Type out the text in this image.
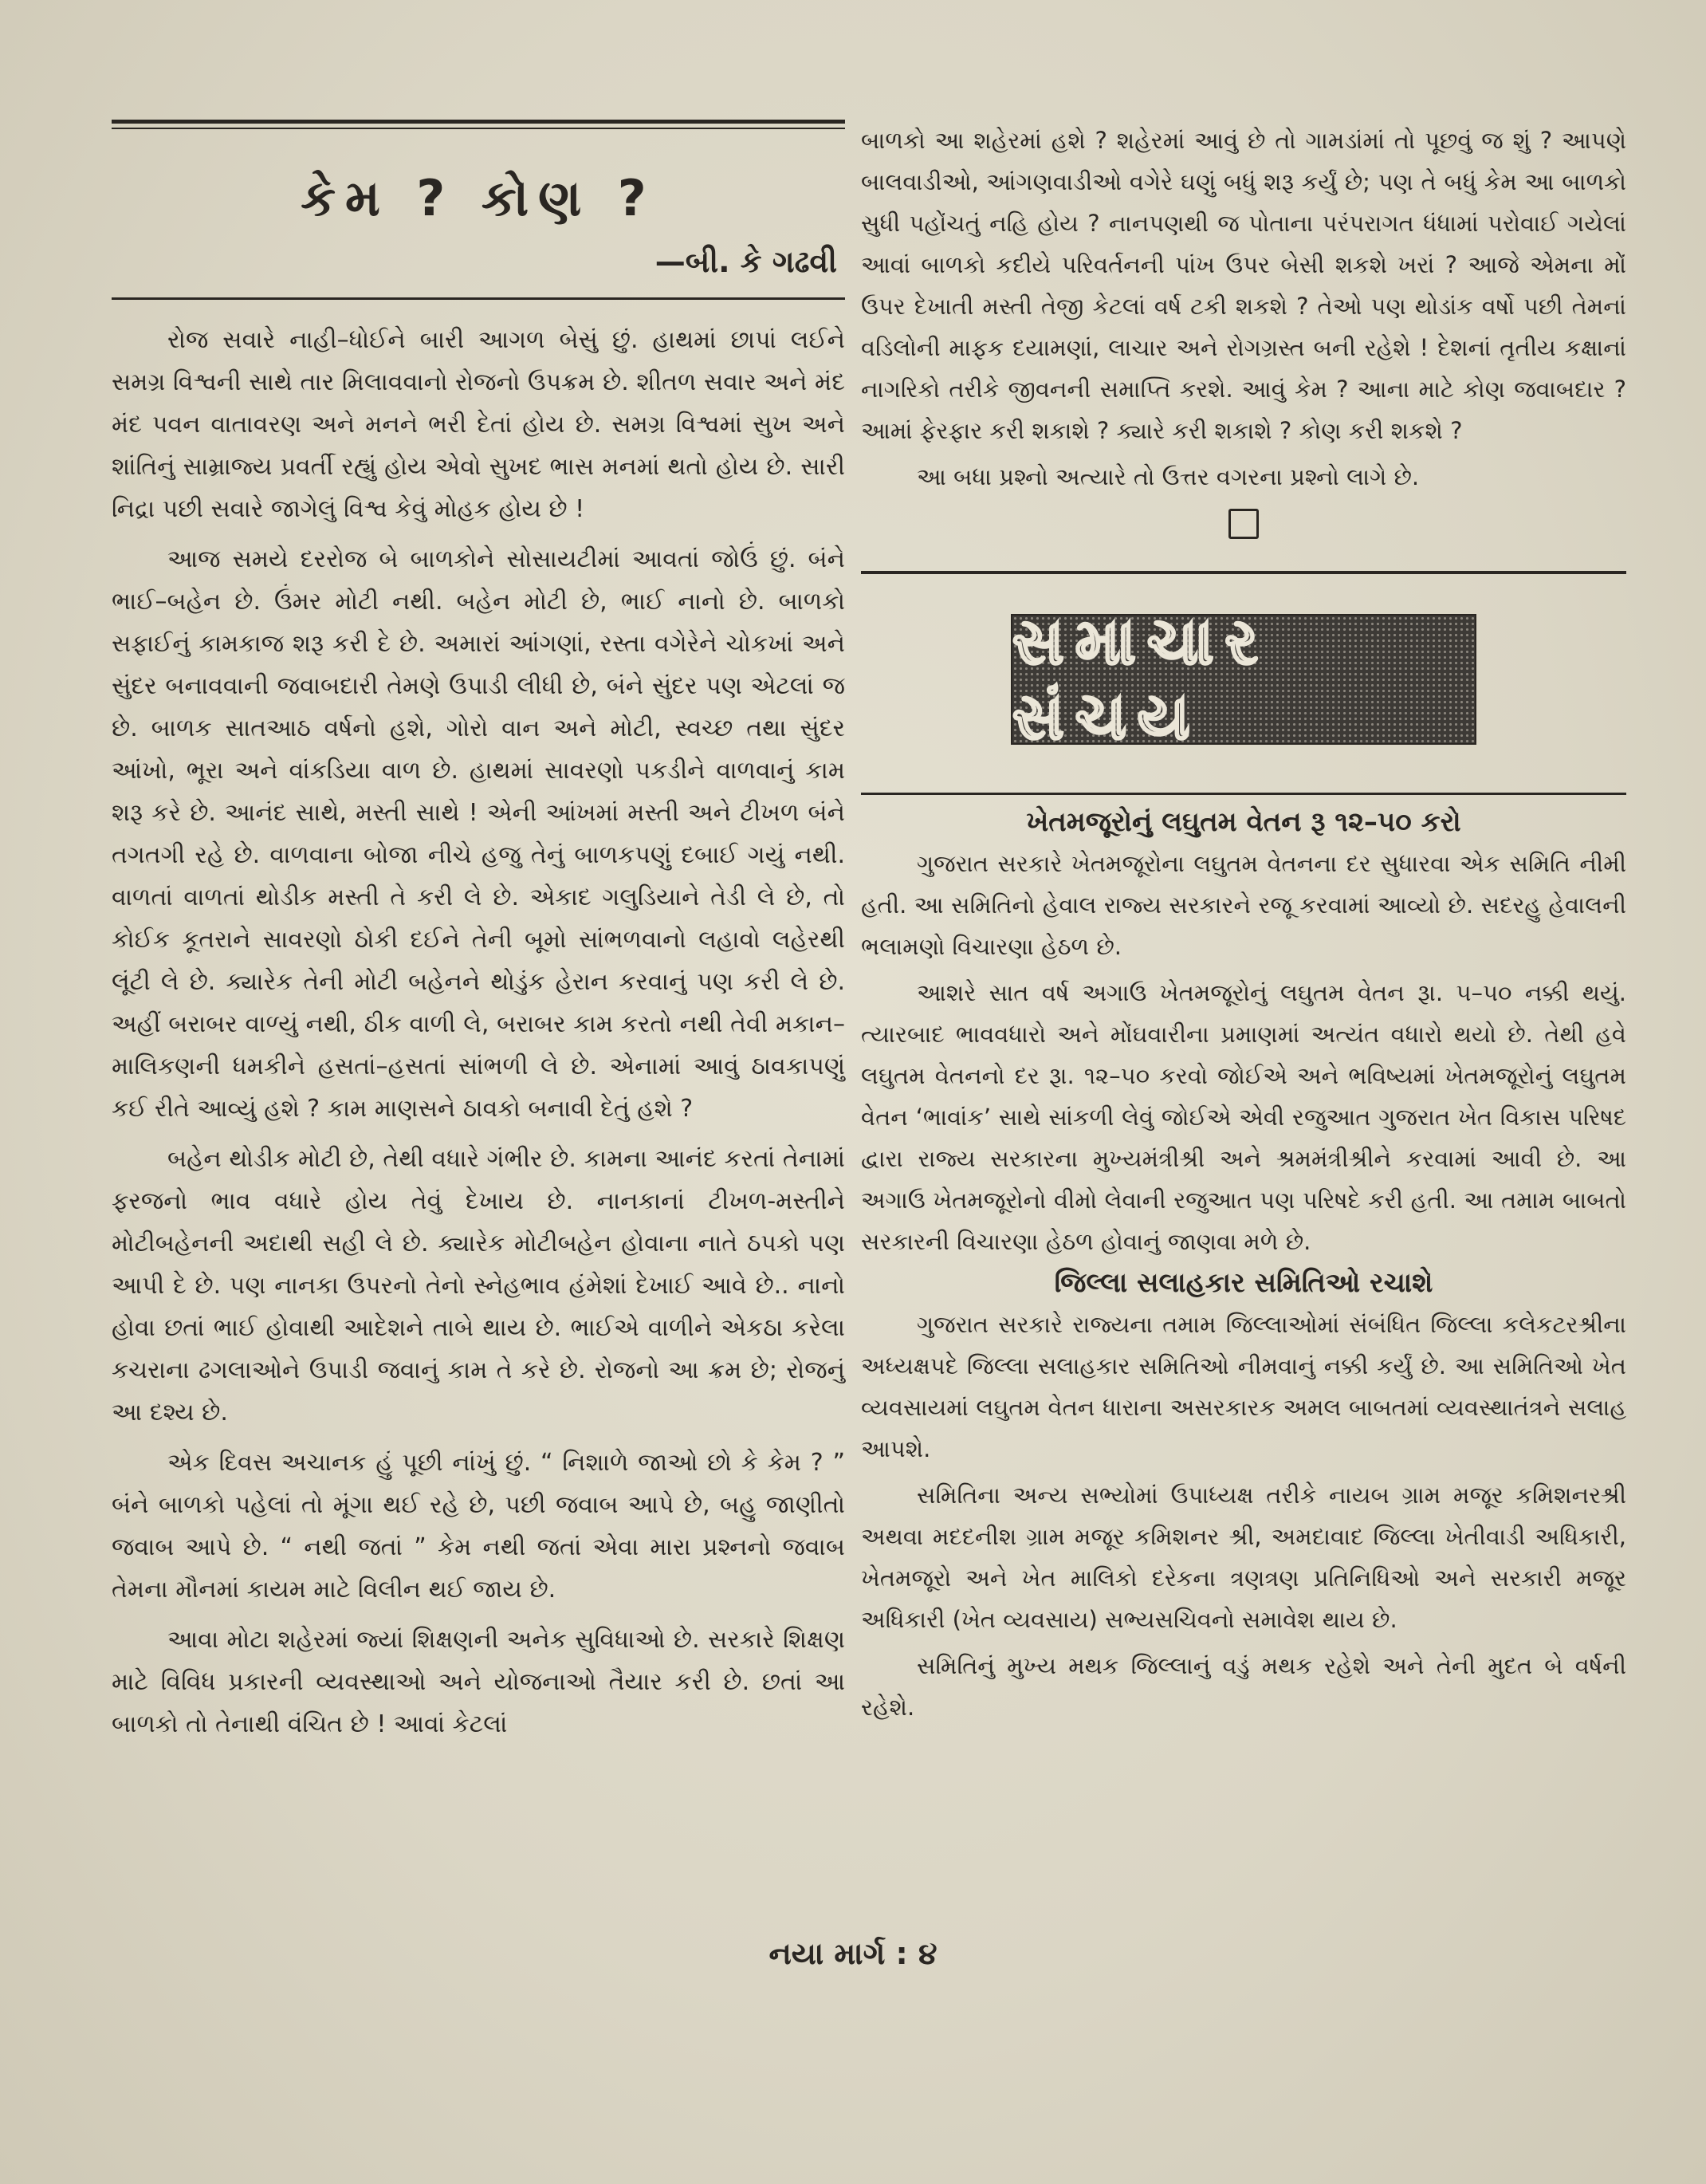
કેમ ? કોણ ?
—બી. કે ગઢવી

રોજ સવારે નાહી–ધોઈને બારી આગળ બેસું છું. હાથમાં છાપાં લઈને સમગ્ર વિશ્વની સાથે તાર મિલાવવાનો રોજનો ઉપક્રમ છે. શીતળ સવાર અને મંદ મંદ પવન વાતાવરણ અને મનને ભરી દેતાં હોય છે. સમગ્ર વિશ્વમાં સુખ અને શાંતિનું સામ્રાજ્ય પ્રવર્તી રહ્યું હોય એવો સુખદ ભાસ મનમાં થતો હોય છે. સારી નિદ્રા પછી સવારે જાગેલું વિશ્વ કેવું મોહક હોય છે !

આજ સમયે દરરોજ બે બાળકોને સોસાયટીમાં આવતાં જોઉં છું. બંને ભાઈ–બહેન છે. ઉંમર મોટી નથી. બહેન મોટી છે, ભાઈ નાનો છે. બાળકો સફાઈનું કામકાજ શરૂ કરી દે છે. અમારાં આંગણાં, રસ્તા વગેરેને ચોકખાં અને સુંદર બનાવવાની જવાબદારી તેમણે ઉપાડી લીધી છે, બંને સુંદર પણ એટલાં જ છે. બાળક સાતઆઠ વર્ષનો હશે, ગોરો વાન અને મોટી, સ્વચ્છ તથા સુંદર આંખો, ભૂરા અને વાંકડિયા વાળ છે. હાથમાં સાવરણો પકડીને વાળવાનું કામ શરૂ કરે છે. આનંદ સાથે, મસ્તી સાથે ! એની આંખમાં મસ્તી અને ટીખળ બંને તગતગી રહે છે. વાળવાના બોજા નીચે હજુ તેનું બાળકપણું દબાઈ ગયું નથી. વાળતાં વાળતાં થોડીક મસ્તી તે કરી લે છે. એકાદ ગલુડિયાને તેડી લે છે, તો કોઈક કૂતરાને સાવરણો ઠોકી દઈને તેની બૂમો સાંભળવાનો લહાવો લહેરથી લૂંટી લે છે. ક્યારેક તેની મોટી બહેનને થોડુંક હેરાન કરવાનું પણ કરી લે છે. અહીં બરાબર વાળ્યું નથી, ઠીક વાળી લે, બરાબર કામ કરતો નથી તેવી મકાન–માલિકણની ધમકીને હસતાં–હસતાં સાંભળી લે છે. એનામાં આવું ઠાવકાપણું કઈ રીતે આવ્યું હશે ? કામ માણસને ઠાવકો બનાવી દેતું હશે ?

બહેન થોડીક મોટી છે, તેથી વધારે ગંભીર છે. કામના આનંદ કરતાં તેનામાં ફરજનો ભાવ વધારે હોય તેવું દેખાય છે. નાનકાનાં ટીખળ-મસ્તીને મોટીબહેનની અદાથી સહી લે છે. ક્યારેક મોટીબહેન હોવાના નાતે ઠપકો પણ આપી દે છે. પણ નાનકા ઉપરનો તેનો સ્નેહભાવ હંમેશાં દેખાઈ આવે છે.. નાનો હોવા છતાં ભાઈ હોવાથી આદેશને તાબે થાય છે. ભાઈએ વાળીને એકઠા કરેલા કચરાના ઢગલાઓને ઉપાડી જવાનું કામ તે કરે છે. રોજનો આ ક્રમ છે; રોજનું આ દશ્ય છે.

એક દિવસ અચાનક હું પૂછી નાંખું છું. “ નિશાળે જાઓ છો કે કેમ ? ” બંને બાળકો પહેલાં તો મૂંગા થઈ રહે છે, પછી જવાબ આપે છે, બહુ જાણીતો જવાબ આપે છે. “ નથી જતાં ” કેમ નથી જતાં એવા મારા પ્રશ્નનો જવાબ તેમના મૌનમાં કાયમ માટે વિલીન થઈ જાય છે.

આવા મોટા શહેરમાં જ્યાં શિક્ષણની અનેક સુવિધાઓ છે. સરકારે શિક્ષણ માટે વિવિધ પ્રકારની વ્યવસ્થાઓ અને યોજનાઓ તૈયાર કરી છે. છતાં આ બાળકો તો તેનાથી વંચિત છે ! આવાં કેટલાં

બાળકો આ શહેરમાં હશે ? શહેરમાં આવું છે તો ગામડાંમાં તો પૂછવું જ શું ? આપણે બાલવાડીઓ, આંગણવાડીઓ વગેરે ઘણું બધું શરૂ કર્યું છે; પણ તે બધું કેમ આ બાળકો સુધી પહોંચતું નહિ હોય ? નાનપણથી જ પોતાના પરંપરાગત ધંધામાં પરોવાઈ ગયેલાં આવાં બાળકો કદીયે પરિવર્તનની પાંખ ઉપર બેસી શકશે ખરાં ? આજે એમના મોં ઉપર દેખાતી મસ્તી તેજી કેટલાં વર્ષ ટકી શકશે ? તેઓ પણ થોડાંક વર્ષો પછી તેમનાં વડિલોની માફક દયામણાં, લાચાર અને રોગગ્રસ્ત બની રહેશે ! દેશનાં તૃતીય કક્ષાનાં નાગરિકો તરીકે જીવનની સમાપ્તિ કરશે. આવું કેમ ? આના માટે કોણ જવાબદાર ? આમાં ફેરફાર કરી શકાશે ? ક્યારે કરી શકાશે ? કોણ કરી શકશે ?

આ બધા પ્રશ્નો અત્યારે તો ઉત્તર વગરના પ્રશ્નો લાગે છે.

સમાચાર સંચય
ખેતમજૂરોનું લઘુતમ વેતન રૂ ૧૨–૫૦ કરો

ગુજરાત સરકારે ખેતમજૂરોના લઘુતમ વેતનના દર સુધારવા એક સમિતિ નીમી હતી. આ સમિતિનો હેવાલ રાજ્ય સરકારને રજૂ કરવામાં આવ્યો છે. સદરહુ હેવાલની ભલામણો વિચારણા હેઠળ છે.

આશરે સાત વર્ષ અગાઉ ખેતમજૂરોનું લઘુતમ વેતન રૂા. ૫–૫૦ નક્કી થયું. ત્યારબાદ ભાવવધારો અને મોંઘવારીના પ્રમાણમાં અત્યંત વધારો થયો છે. તેથી હવે લઘુતમ વેતનનો દર રૂા. ૧૨–૫૦ કરવો જોઈએ અને ભવિષ્યમાં ખેતમજૂરોનું લઘુતમ વેતન ‘ભાવાંક’ સાથે સાંકળી લેવું જોઈએ એવી રજુઆત ગુજરાત ખેત વિકાસ પરિષદ દ્વારા રાજ્ય સરકારના મુખ્યમંત્રીશ્રી અને શ્રમમંત્રીશ્રીને કરવામાં આવી છે. આ અગાઉ ખેતમજૂરોનો વીમો લેવાની રજુઆત પણ પરિષદે કરી હતી. આ તમામ બાબતો સરકારની વિચારણા હેઠળ હોવાનું જાણવા મળે છે.

જિલ્લા સલાહકાર સમિતિઓ રચાશે

ગુજરાત સરકારે રાજ્યના તમામ જિલ્લાઓમાં સંબંધિત જિલ્લા કલેકટરશ્રીના અધ્યક્ષપદે જિલ્લા સલાહકાર સમિતિઓ નીમવાનું નક્કી કર્યું છે. આ સમિતિઓ ખેત વ્યવસાયમાં લઘુતમ વેતન ધારાના અસરકારક અમલ બાબતમાં વ્યવસ્થાતંત્રને સલાહ આપશે.

સમિતિના અન્ય સભ્યોમાં ઉપાધ્યક્ષ તરીકે નાયબ ગ્રામ મજૂર કમિશનરશ્રી અથવા મદદનીશ ગ્રામ મજૂર કમિશનર શ્રી, અમદાવાદ જિલ્લા ખેતીવાડી અધિકારી, ખેતમજૂરો અને ખેત માલિકો દરેકના ત્રણત્રણ પ્રતિનિધિઓ અને સરકારી મજૂર અધિકારી (ખેત વ્યવસાય) સભ્યસચિવનો સમાવેશ થાય છે.

સમિતિનું મુખ્ય મથક જિલ્લાનું વડું મથક રહેશે અને તેની મુદત બે વર્ષની રહેશે.

નયા માર્ગ : ૪
